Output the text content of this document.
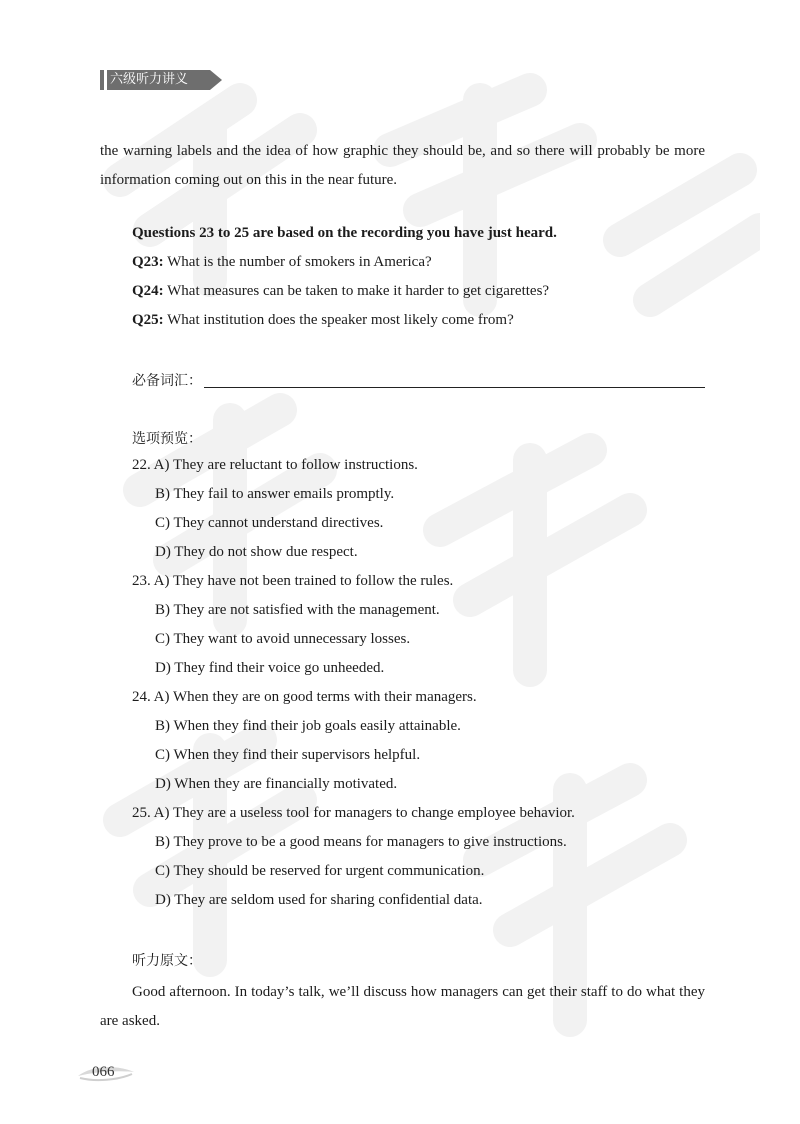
六级听力讲义
the warning labels and the idea of how graphic they should be, and so there will probably be more information coming out on this in the near future.
Questions 23 to 25 are based on the recording you have just heard.
Q23: What is the number of smokers in America?
Q24: What measures can be taken to make it harder to get cigarettes?
Q25: What institution does the speaker most likely come from?
必备词汇：
选项预览：
22. A) They are reluctant to follow instructions.
B) They fail to answer emails promptly.
C) They cannot understand directives.
D) They do not show due respect.
23. A) They have not been trained to follow the rules.
B) They are not satisfied with the management.
C) They want to avoid unnecessary losses.
D) They find their voice go unheeded.
24. A) When they are on good terms with their managers.
B) When they find their job goals easily attainable.
C) When they find their supervisors helpful.
D) When they are financially motivated.
25. A) They are a useless tool for managers to change employee behavior.
B) They prove to be a good means for managers to give instructions.
C) They should be reserved for urgent communication.
D) They are seldom used for sharing confidential data.
听力原文：
Good afternoon. In today’s talk, we’ll discuss how managers can get their staff to do what they are asked.
066
